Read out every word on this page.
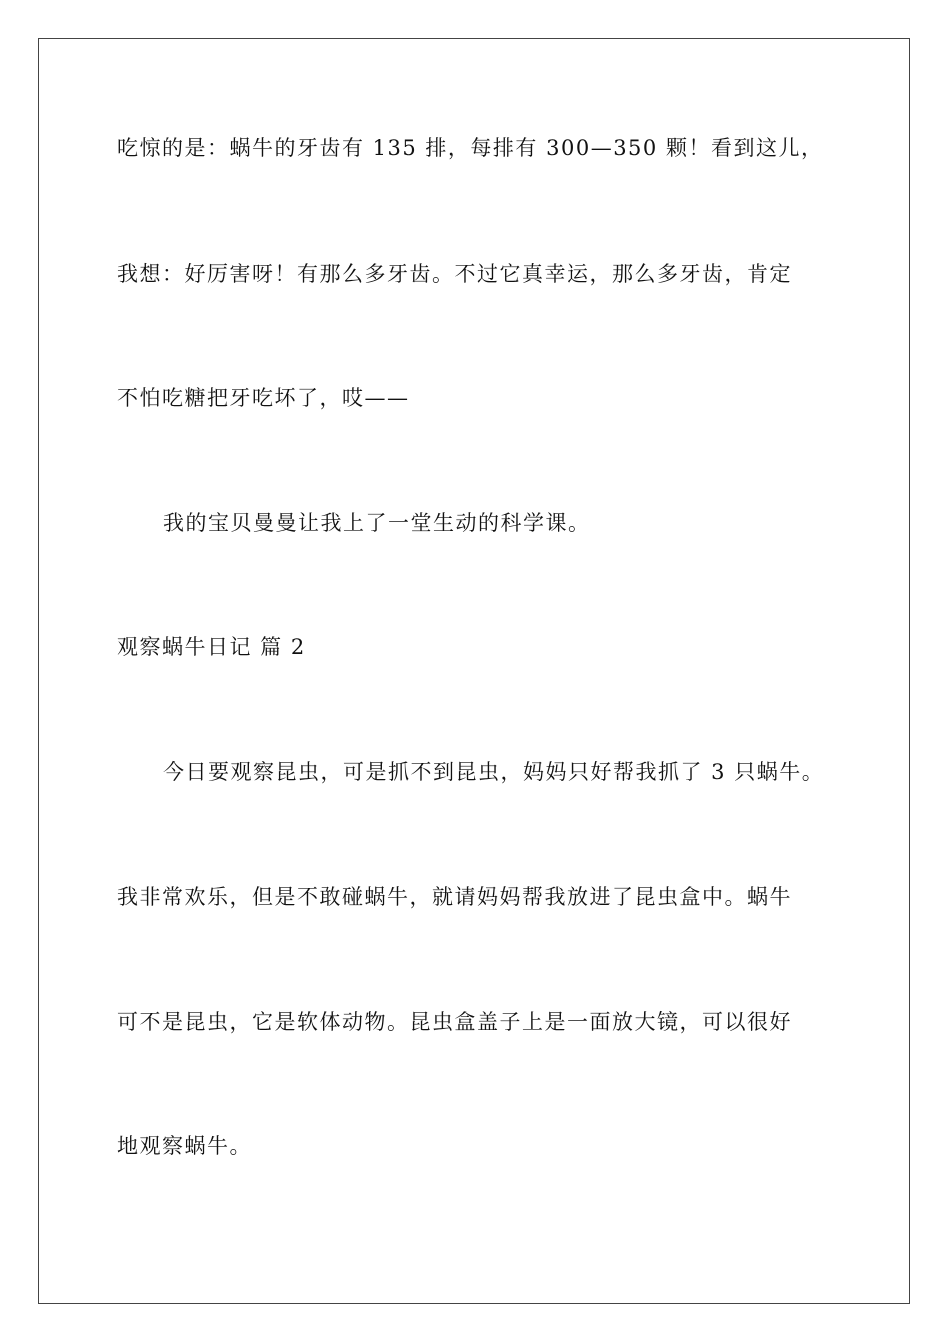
吃惊的是：蜗牛的牙齿有 135 排，每排有 300—350 颗！看到这儿，
我想：好厉害呀！有那么多牙齿。不过它真幸运，那么多牙齿，肯定
不怕吃糖把牙吃坏了，哎——
我的宝贝曼曼让我上了一堂生动的科学课。
观察蜗牛日记 篇 2
今日要观察昆虫，可是抓不到昆虫，妈妈只好帮我抓了 3 只蜗牛。
我非常欢乐，但是不敢碰蜗牛，就请妈妈帮我放进了昆虫盒中。蜗牛
可不是昆虫，它是软体动物。昆虫盒盖子上是一面放大镜，可以很好
地观察蜗牛。
